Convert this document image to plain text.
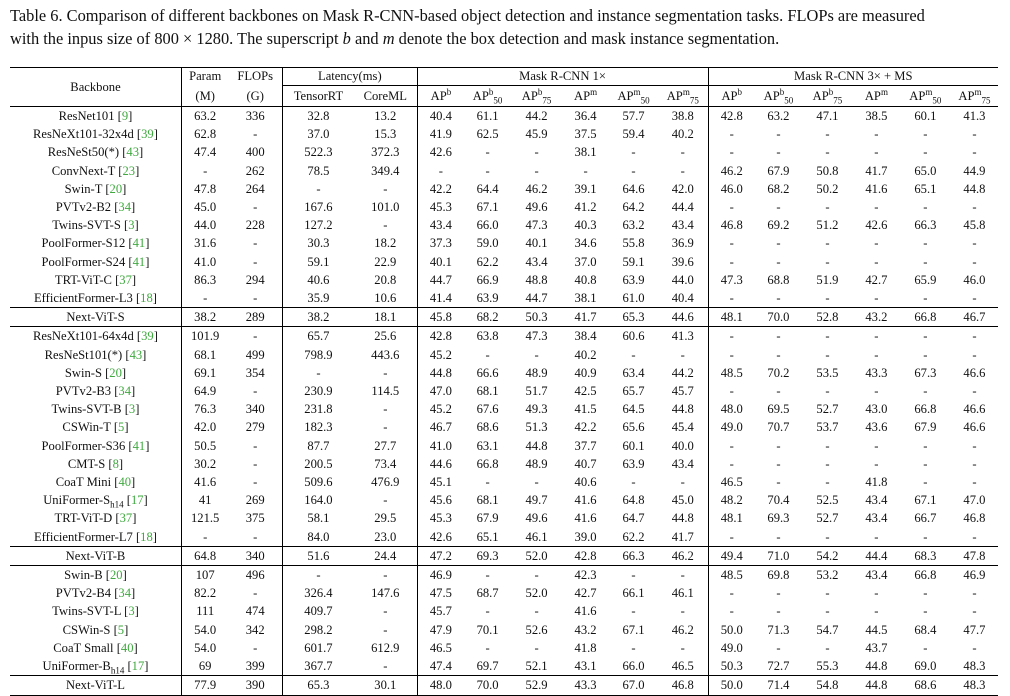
Table 6. Comparison of different backbones on Mask R-CNN-based object detection and instance segmentation tasks. FLOPs are measured
with the inpus size of 800 × 1280. The superscript b and m denote the box detection and mask instance segmentation.

Backbone	Param	FLOPs	Latency(ms)		Mask R-CNN 1×						Mask R-CNN 3× + MS					
	(M)	(G)	TensorRT	CoreML	$AP^b$	$AP^b_{50}$	$AP^b_{75}$	$AP^m$	$AP^m_{50}$	$AP^m_{75}$	$AP^b$	$AP^b_{50}$	$AP^b_{75}$	$AP^m$	$AP^m_{50}$	$AP^m_{75}$
ResNet101 [9]	63.2	336	32.8	13.2	40.4	61.1	44.2	36.4	57.7	38.8	42.8	63.2	47.1	38.5	60.1	41.3
ResNeXt101-32x4d [39]	62.8	-	37.0	15.3	41.9	62.5	45.9	37.5	59.4	40.2	-	-	-	-	-	-
ResNeSt50(*) [43]	47.4	400	522.3	372.3	42.6	-	-	38.1	-	-	-	-	-	-	-	-
ConvNext-T [23]	-	262	78.5	349.4	-	-	-	-	-	-	46.2	67.9	50.8	41.7	65.0	44.9
Swin-T [20]	47.8	264	-	-	42.2	64.4	46.2	39.1	64.6	42.0	46.0	68.2	50.2	41.6	65.1	44.8
PVTv2-B2 [34]	45.0	-	167.6	101.0	45.3	67.1	49.6	41.2	64.2	44.4	-	-	-	-	-	-
Twins-SVT-S [3]	44.0	228	127.2	-	43.4	66.0	47.3	40.3	63.2	43.4	46.8	69.2	51.2	42.6	66.3	45.8
PoolFormer-S12 [41]	31.6	-	30.3	18.2	37.3	59.0	40.1	34.6	55.8	36.9	-	-	-	-	-	-
PoolFormer-S24 [41]	41.0	-	59.1	22.9	40.1	62.2	43.4	37.0	59.1	39.6	-	-	-	-	-	-
TRT-ViT-C [37]	86.3	294	40.6	20.8	44.7	66.9	48.8	40.8	63.9	44.0	47.3	68.8	51.9	42.7	65.9	46.0
EfficientFormer-L3 [18]	-	-	35.9	10.6	41.4	63.9	44.7	38.1	61.0	40.4	-	-	-	-	-	-
Next-ViT-S	38.2	289	38.2	18.1	45.8	68.2	50.3	41.7	65.3	44.6	48.1	70.0	52.8	43.2	66.8	46.7
ResNeXt101-64x4d [39]	101.9	-	65.7	25.6	42.8	63.8	47.3	38.4	60.6	41.3	-	-	-	-	-	-
ResNeSt101(*) [43]	68.1	499	798.9	443.6	45.2	-	-	40.2	-	-	-	-	-	-	-	-
Swin-S [20]	69.1	354	-	-	44.8	66.6	48.9	40.9	63.4	44.2	48.5	70.2	53.5	43.3	67.3	46.6
PVTv2-B3 [34]	64.9	-	230.9	114.5	47.0	68.1	51.7	42.5	65.7	45.7	-	-	-	-	-	-
Twins-SVT-B [3]	76.3	340	231.8	-	45.2	67.6	49.3	41.5	64.5	44.8	48.0	69.5	52.7	43.0	66.8	46.6
CSWin-T [5]	42.0	279	182.3	-	46.7	68.6	51.3	42.2	65.6	45.4	49.0	70.7	53.7	43.6	67.9	46.6
PoolFormer-S36 [41]	50.5	-	87.7	27.7	41.0	63.1	44.8	37.7	60.1	40.0	-	-	-	-	-	-
CMT-S [8]	30.2	-	200.5	73.4	44.6	66.8	48.9	40.7	63.9	43.4	-	-	-	-	-	-
CoaT Mini [40]	41.6	-	509.6	476.9	45.1	-	-	40.6	-	-	46.5	-	-	41.8	-	-
UniFormer-$S_{h14}$ [17]	41	269	164.0	-	45.6	68.1	49.7	41.6	64.8	45.0	48.2	70.4	52.5	43.4	67.1	47.0
TRT-ViT-D [37]	121.5	375	58.1	29.5	45.3	67.9	49.6	41.6	64.7	44.8	48.1	69.3	52.7	43.4	66.7	46.8
EfficientFormer-L7 [18]	-	-	84.0	23.0	42.6	65.1	46.1	39.0	62.2	41.7	-	-	-	-	-	-
Next-ViT-B	64.8	340	51.6	24.4	47.2	69.3	52.0	42.8	66.3	46.2	49.4	71.0	54.2	44.4	68.3	47.8
Swin-B [20]	107	496	-	-	46.9	-	-	42.3	-	-	48.5	69.8	53.2	43.4	66.8	46.9
PVTv2-B4 [34]	82.2	-	326.4	147.6	47.5	68.7	52.0	42.7	66.1	46.1	-	-	-	-	-	-
Twins-SVT-L [3]	111	474	409.7	-	45.7	-	-	41.6	-	-	-	-	-	-	-	-
CSWin-S [5]	54.0	342	298.2	-	47.9	70.1	52.6	43.2	67.1	46.2	50.0	71.3	54.7	44.5	68.4	47.7
CoaT Small [40]	54.0	-	601.7	612.9	46.5	-	-	41.8	-	-	49.0	-	-	43.7	-	-
UniFormer-$B_{h14}$ [17]	69	399	367.7	-	47.4	69.7	52.1	43.1	66.0	46.5	50.3	72.7	55.3	44.8	69.0	48.3
Next-ViT-L	77.9	390	65.3	30.1	48.0	70.0	52.9	43.3	67.0	46.8	50.0	71.4	54.8	44.8	68.6	48.3
